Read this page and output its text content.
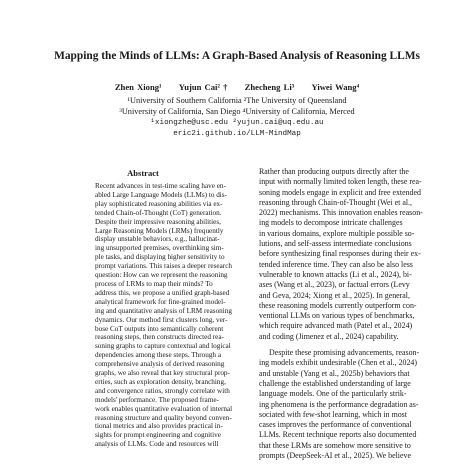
Mapping the Minds of LLMs: A Graph-Based Analysis of Reasoning LLMs
Zhen Xiong¹ Yujun Cai² † Zhecheng Li³ Yiwei Wang⁴
¹University of Southern California ²The University of Queensland
³University of California, San Diego ⁴University of California, Merced
¹xiongzhe@usc.edu ²yujun.cai@uq.edu.au
eric2i.github.io/LLM-MindMap
Abstract
Recent advances in test-time scaling have en-
abled Large Language Models (LLMs) to dis-
play sophisticated reasoning abilities via ex-
tended Chain-of-Thought (CoT) generation.
Despite their impressive reasoning abilities,
Large Reasoning Models (LRMs) frequently
display unstable behaviors, e.g., hallucinat-
ing unsupported premises, overthinking sim-
ple tasks, and displaying higher sensitivity to
prompt variations. This raises a deeper research
question: How can we represent the reasoning
process of LRMs to map their minds? To
address this, we propose a unified graph-based
analytical framework for fine-grained model-
ing and quantitative analysis of LRM reasoning
dynamics. Our method first clusters long, ver-
bose CoT outputs into semantically coherent
reasoning steps, then constructs directed rea-
soning graphs to capture contextual and logical
dependencies among these steps. Through a
comprehensive analysis of derived reasoning
graphs, we also reveal that key structural prop-
erties, such as exploration density, branching,
and convergence ratios, strongly correlate with
models' performance. The proposed frame-
work enables quantitative evaluation of internal
reasoning structure and quality beyond conven-
tional metrics and also provides practical in-
sights for prompt engineering and cognitive
analysis of LLMs. Code and resources will
Rather than producing outputs directly after the
input with normally limited token length, these rea-
soning models engage in explicit and free extended
reasoning through Chain-of-Thought (Wei et al.,
2022) mechanisms. This innovation enables reason-
ing models to decompose intricate challenges
in various domains, explore multiple possible so-
lutions, and self-assess intermediate conclusions
before synthesizing final responses during their ex-
tended inference time. They can also be also less
vulnerable to known attacks (Li et al., 2024), bi-
ases (Wang et al., 2023), or factual errors (Levy
and Geva, 2024; Xiong et al., 2025). In general,
these reasoning models currently outperform con-
ventional LLMs on various types of benchmarks,
which require advanced math (Patel et al., 2024)
and coding (Jimenez et al., 2024) capability.
Despite these promising advancements, reason-
ing models exhibit undesirable (Chen et al., 2024)
and unstable (Yang et al., 2025b) behaviors that
challenge the established understanding of large
language models. One of the particularly strik-
ing phenomena is the performance degradation as-
sociated with few-shot learning, which in most
cases improves the performance of conventional
LLMs. Recent technique reports also documented
that these LRMs are somehow more sensitive to
prompts (DeepSeek-AI et al., 2025). We believe
